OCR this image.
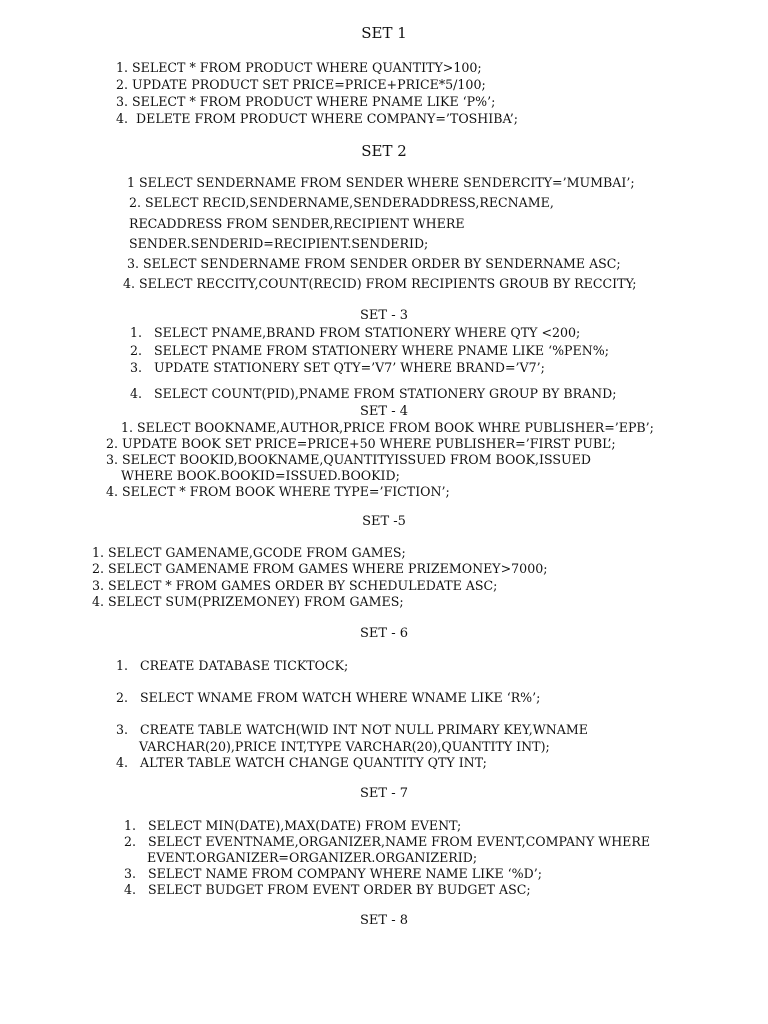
SET 1
1. SELECT * FROM PRODUCT WHERE QUANTITY>100;
2. UPDATE PRODUCT SET PRICE=PRICE+PRICE*5/100;
3. SELECT * FROM PRODUCT WHERE PNAME LIKE ‘P%’;
4. DELETE FROM PRODUCT WHERE COMPANY=’TOSHIBA’;
SET 2
1 SELECT SENDERNAME FROM SENDER WHERE SENDERCITY=’MUMBAI’;
2. SELECT RECID,SENDERNAME,SENDERADDRESS,RECNAME,
RECADDRESS FROM SENDER,RECIPIENT WHERE
SENDER.SENDERID=RECIPIENT.SENDERID;
3. SELECT SENDERNAME FROM SENDER ORDER BY SENDERNAME ASC;
4. SELECT RECCITY,COUNT(RECID) FROM RECIPIENTS GROUB BY RECCITY;
SET - 3
1. SELECT PNAME,BRAND FROM STATIONERY WHERE QTY <200;
2. SELECT PNAME FROM STATIONERY WHERE PNAME LIKE ‘%PEN%;
3. UPDATE STATIONERY SET QTY=’V7’ WHERE BRAND=’V7’;
4. SELECT COUNT(PID),PNAME FROM STATIONERY GROUP BY BRAND;
SET - 4
1. SELECT BOOKNAME,AUTHOR,PRICE FROM BOOK WHRE PUBLISHER=’EPB’;
2. UPDATE BOOK SET PRICE=PRICE+50 WHERE PUBLISHER=’FIRST PUBL’;
3. SELECT BOOKID,BOOKNAME,QUANTITYISSUED FROM BOOK,ISSUED
WHERE BOOK.BOOKID=ISSUED.BOOKID;
4. SELECT * FROM BOOK WHERE TYPE=’FICTION’;
SET -5
1. SELECT GAMENAME,GCODE FROM GAMES;
2. SELECT GAMENAME FROM GAMES WHERE PRIZEMONEY>7000;
3. SELECT * FROM GAMES ORDER BY SCHEDULEDATE ASC;
4. SELECT SUM(PRIZEMONEY) FROM GAMES;
SET - 6
1. CREATE DATABASE TICKTOCK;
2. SELECT WNAME FROM WATCH WHERE WNAME LIKE ‘R%’;
3. CREATE TABLE WATCH(WID INT NOT NULL PRIMARY KEY,WNAME
VARCHAR(20),PRICE INT,TYPE VARCHAR(20),QUANTITY INT);
4. ALTER TABLE WATCH CHANGE QUANTITY QTY INT;
SET - 7
1. SELECT MIN(DATE),MAX(DATE) FROM EVENT;
2. SELECT EVENTNAME,ORGANIZER,NAME FROM EVENT,COMPANY WHERE
EVENT.ORGANIZER=ORGANIZER.ORGANIZERID;
3. SELECT NAME FROM COMPANY WHERE NAME LIKE ‘%D’;
4. SELECT BUDGET FROM EVENT ORDER BY BUDGET ASC;
SET - 8
